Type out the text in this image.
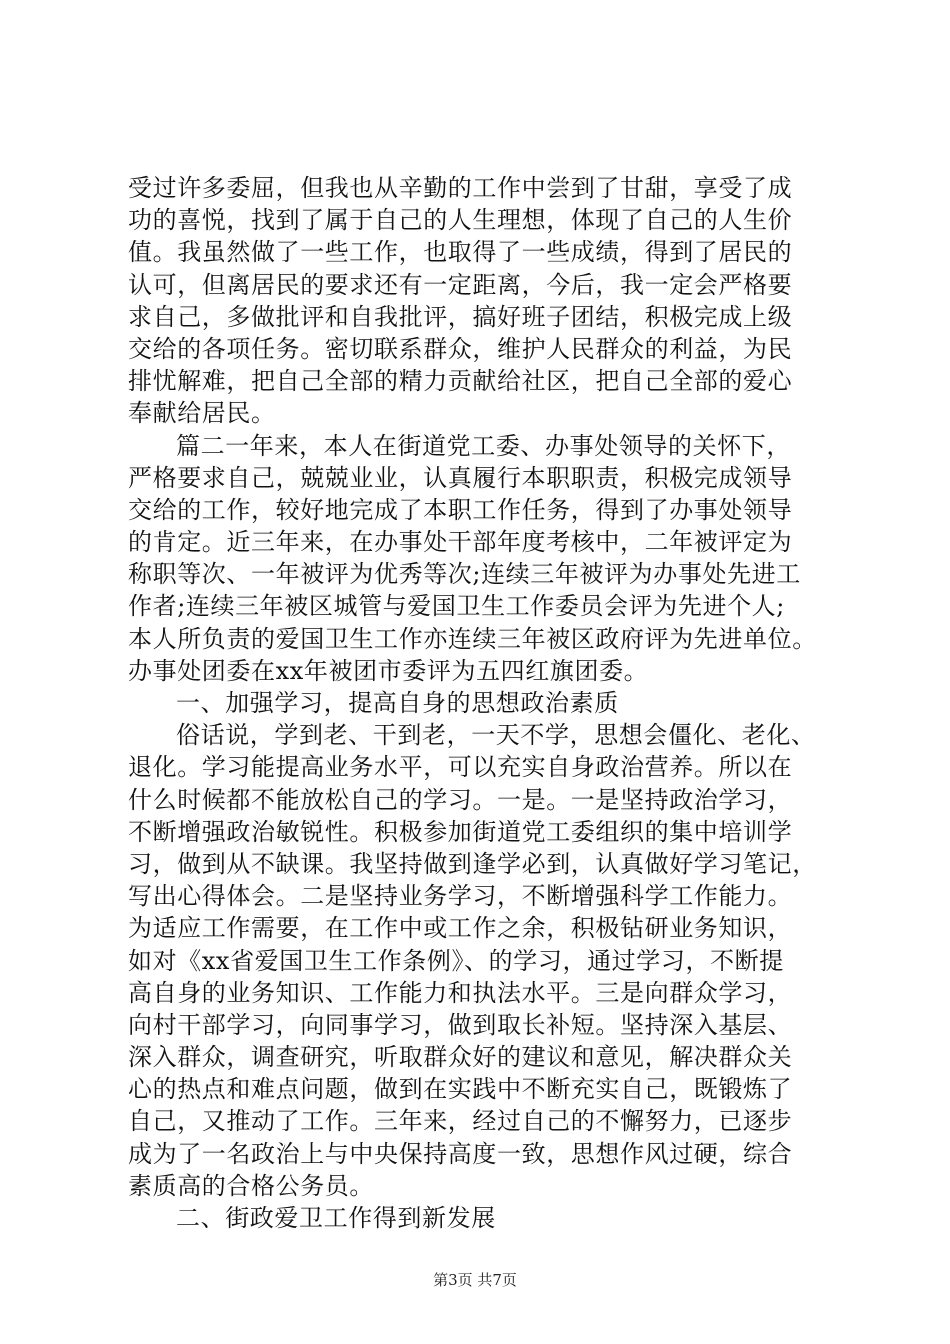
受过许多委屈，但我也从辛勤的工作中尝到了甘甜，享受了成
功的喜悦，找到了属于自己的人生理想，体现了自己的人生价
值。我虽然做了一些工作，也取得了一些成绩，得到了居民的
认可，但离居民的要求还有一定距离，今后，我一定会严格要
求自己，多做批评和自我批评，搞好班子团结，积极完成上级
交给的各项任务。密切联系群众，维护人民群众的利益，为民
排忧解难，把自己全部的精力贡献给社区，把自己全部的爱心
奉献给居民。
篇二一年来，本人在街道党工委、办事处领导的关怀下，
严格要求自己，兢兢业业，认真履行本职职责，积极完成领导
交给的工作，较好地完成了本职工作任务，得到了办事处领导
的肯定。近三年来，在办事处干部年度考核中，二年被评定为
称职等次、一年被评为优秀等次;连续三年被评为办事处先进工
作者;连续三年被区城管与爱国卫生工作委员会评为先进个人;
本人所负责的爱国卫生工作亦连续三年被区政府评为先进单位。
办事处团委在xx年被团市委评为五四红旗团委。
一、加强学习，提高自身的思想政治素质
俗话说，学到老、干到老，一天不学，思想会僵化、老化、
退化。学习能提高业务水平，可以充实自身政治营养。所以在
什么时候都不能放松自己的学习。一是。一是坚持政治学习，
不断增强政治敏锐性。积极参加街道党工委组织的集中培训学
习，做到从不缺课。我坚持做到逢学必到，认真做好学习笔记，
写出心得体会。二是坚持业务学习，不断增强科学工作能力。
为适应工作需要，在工作中或工作之余，积极钻研业务知识，
如对《xx省爱国卫生工作条例》、的学习，通过学习，不断提
高自身的业务知识、工作能力和执法水平。三是向群众学习，
向村干部学习，向同事学习，做到取长补短。坚持深入基层、
深入群众，调查研究，听取群众好的建议和意见，解决群众关
心的热点和难点问题，做到在实践中不断充实自己，既锻炼了
自己，又推动了工作。三年来，经过自己的不懈努力，已逐步
成为了一名政治上与中央保持高度一致，思想作风过硬，综合
素质高的合格公务员。
二、街政爱卫工作得到新发展
第3页 共7页
